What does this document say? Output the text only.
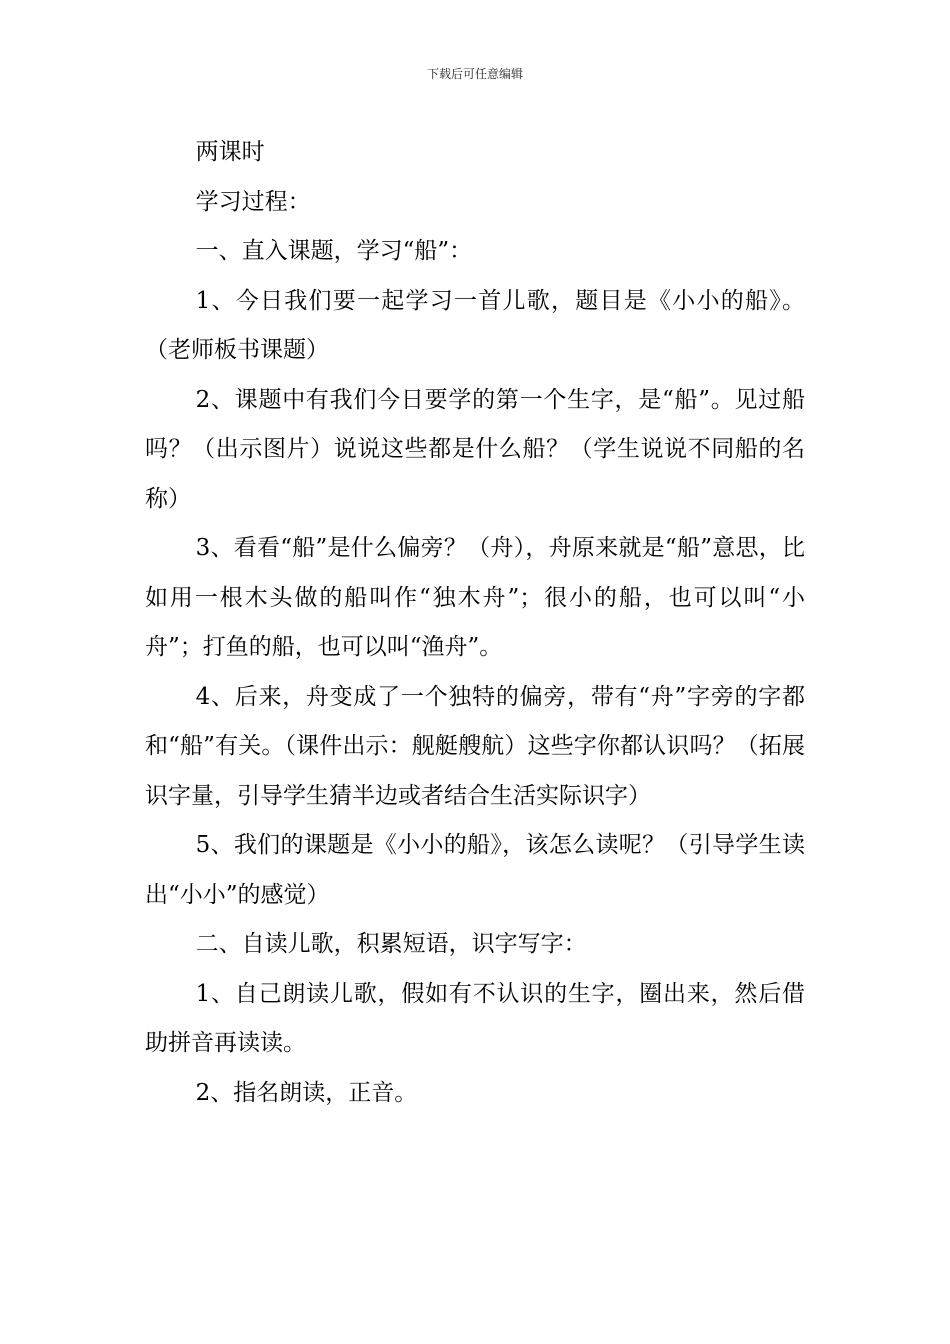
下载后可任意编辑

两课时

学习过程：

一、直入课题，学习“船”：

1、今日我们要一起学习一首儿歌，题目是《小小的船》。（老师板书课题）

2、课题中有我们今日要学的第一个生字，是“船”。见过船吗？（出示图片）说说这些都是什么船？（学生说说不同船的名称）

3、看看“船”是什么偏旁？（舟），舟原来就是“船”意思，比如用一根木头做的船叫作“独木舟”；很小的船，也可以叫“小舟”；打鱼的船，也可以叫“渔舟”。

4、后来，舟变成了一个独特的偏旁，带有“舟”字旁的字都和“船”有关。（课件出示：舰艇艘航）这些字你都认识吗？（拓展识字量，引导学生猜半边或者结合生活实际识字）

5、我们的课题是《小小的船》，该怎么读呢？（引导学生读出“小小”的感觉）

二、自读儿歌，积累短语，识字写字：

1、自己朗读儿歌，假如有不认识的生字，圈出来，然后借助拼音再读读。

2、指名朗读，正音。
